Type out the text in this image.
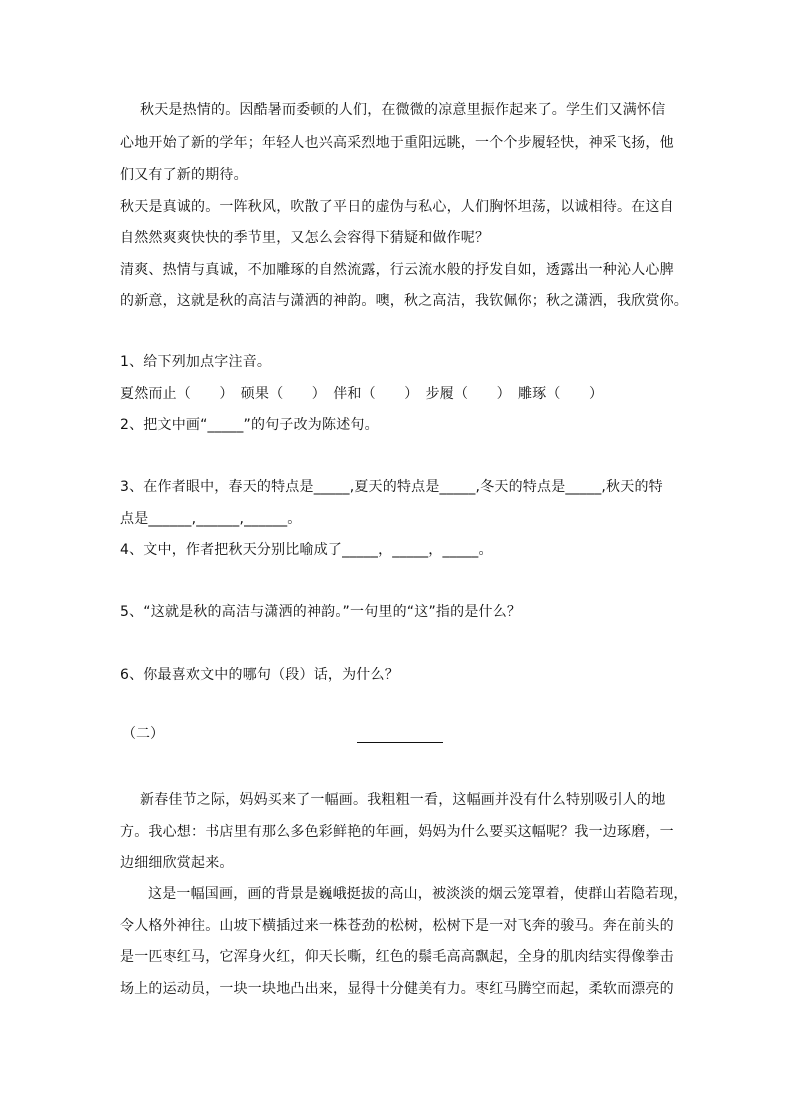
秋天是热情的。因酷暑而委顿的人们，在微微的凉意里振作起来了。学生们又满怀信
心地开始了新的学年；年轻人也兴高采烈地于重阳远眺，一个个步履轻快，神采飞扬，他
们又有了新的期待。
秋天是真诚的。一阵秋风，吹散了平日的虚伪与私心，人们胸怀坦荡，以诚相待。在这自
自然然爽爽快快的季节里，又怎么会容得下猜疑和做作呢？
清爽、热情与真诚，不加雕琢的自然流露，行云流水般的抒发自如，透露出一种沁人心脾
的新意，这就是秋的高洁与潇洒的神韵。噢，秋之高洁，我钦佩你；秋之潇洒，我欣赏你。
1、给下列加点字注音。
夏然而止（　　）　硕果（　　）　伴和（　　）　步履（　　）　雕琢（　　）
2、把文中画“_____”的句子改为陈述句。
3、在作者眼中，春天的特点是_____,夏天的特点是_____,冬天的特点是_____,秋天的特
点是______,______,______。
4、文中，作者把秋天分别比喻成了_____，_____，_____。
5、“这就是秋的高洁与潇洒的神韵。”一句里的“这”指的是什么？
6、你最喜欢文中的哪句（段）话，为什么？
（二）
新春佳节之际，妈妈买来了一幅画。我粗粗一看，这幅画并没有什么特别吸引人的地
方。我心想：书店里有那么多色彩鲜艳的年画，妈妈为什么要买这幅呢？我一边琢磨，一
边细细欣赏起来。
这是一幅国画，画的背景是巍峨挺拔的高山，被淡淡的烟云笼罩着，使群山若隐若现，
令人格外神往。山坡下横插过来一株苍劲的松树，松树下是一对飞奔的骏马。奔在前头的
是一匹枣红马，它浑身火红，仰天长嘶，红色的鬃毛高高飘起，全身的肌肉结实得像拳击
场上的运动员，一块一块地凸出来，显得十分健美有力。枣红马腾空而起，柔软而漂亮的
